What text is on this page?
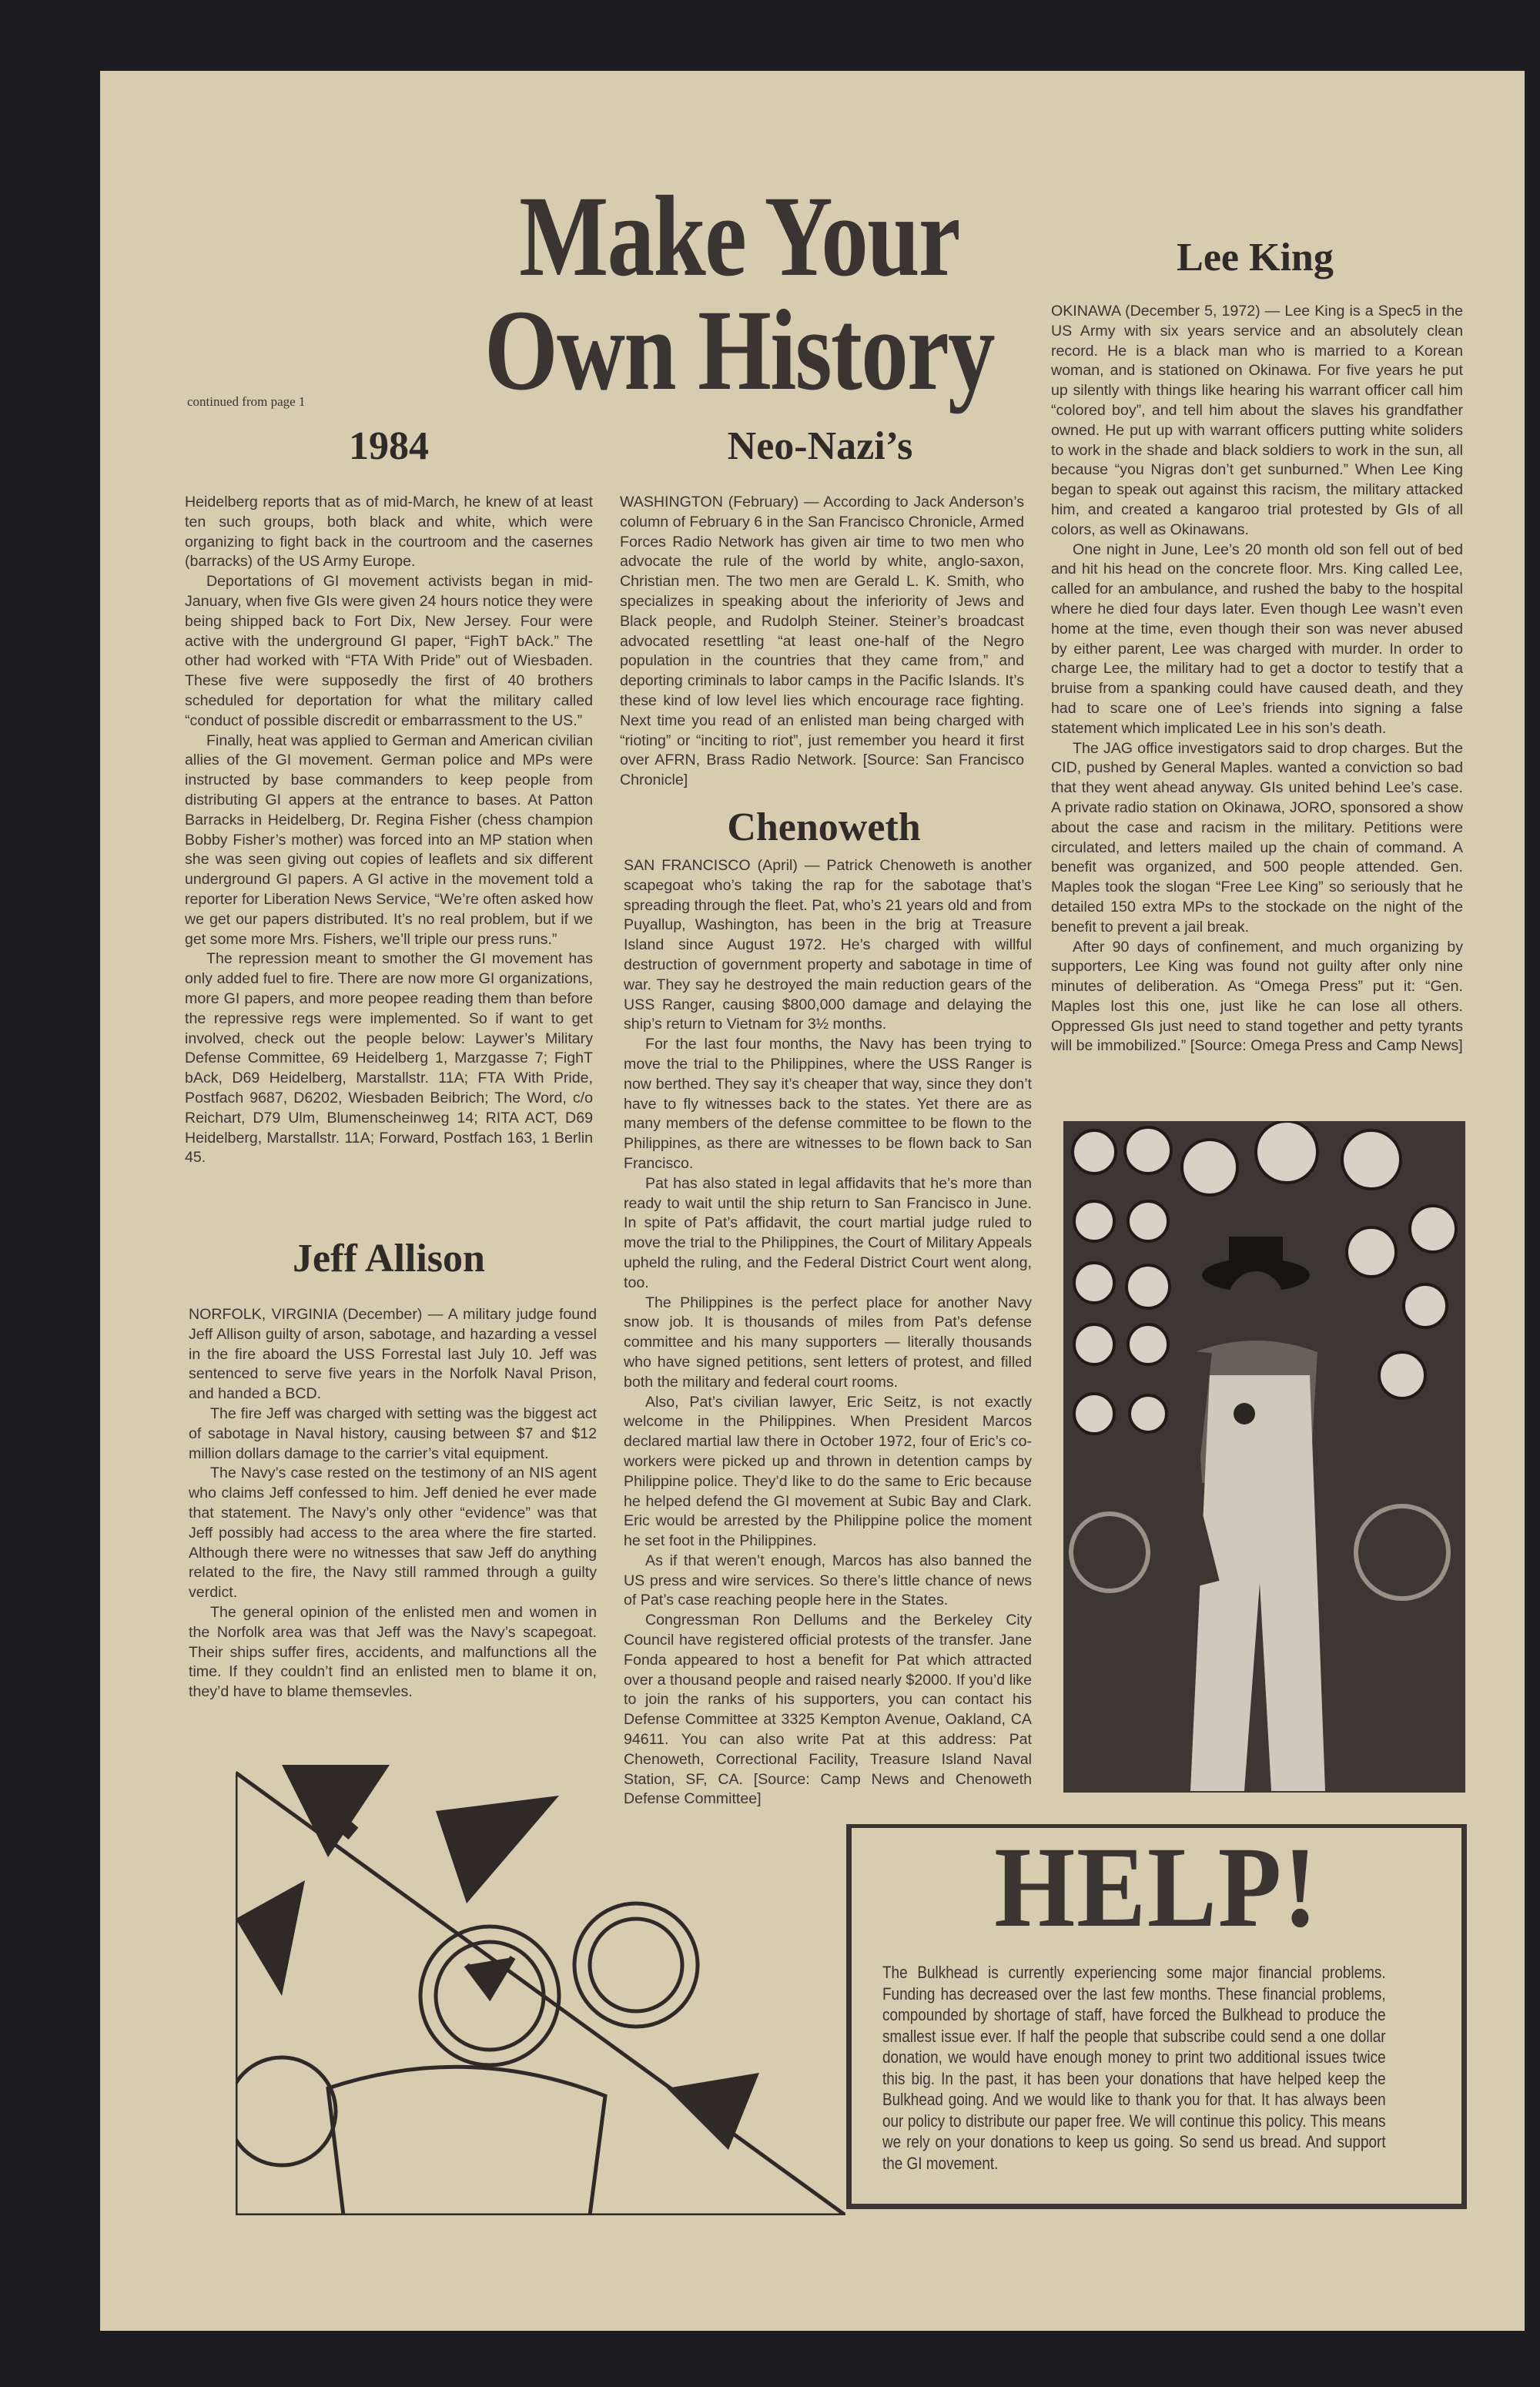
Make Your
Own History
continued from page 1
1984

Heidelberg reports that as of mid-March, he knew of at least ten such groups, both black and white, which were organizing to fight back in the courtroom and the casernes (barracks) of the US Army Europe.

Deportations of GI movement activists began in mid-January, when five GIs were given 24 hours notice they were being shipped back to Fort Dix, New Jersey. Four were active with the underground GI paper, “FighT bAck.” The other had worked with “FTA With Pride” out of Wiesbaden. These five were supposedly the first of 40 brothers scheduled for deportation for what the military called “conduct of possible discredit or embarrassment to the US.”

Finally, heat was applied to German and American civilian allies of the GI movement. German police and MPs were instructed by base commanders to keep people from distributing GI appers at the entrance to bases. At Patton Barracks in Heidelberg, Dr. Regina Fisher (chess champion Bobby Fisher’s mother) was forced into an MP station when she was seen giving out copies of leaflets and six different underground GI papers. A GI active in the movement told a reporter for Liberation News Service, “We’re often asked how we get our papers distributed. It’s no real problem, but if we get some more Mrs. Fishers, we’ll triple our press runs.”

The repression meant to smother the GI movement has only added fuel to fire. There are now more GI organizations, more GI papers, and more peopee reading them than before the repressive regs were implemented. So if want to get involved, check out the people below: Laywer’s Military Defense Committee, 69 Heidelberg 1, Marzgasse 7; FighT bAck, D69 Heidelberg, Marstallstr. 11A; FTA With Pride, Postfach 9687, D6202, Wiesbaden Beibrich; The Word, c/o Reichart, D79 Ulm, Blumenscheinweg 14; RITA ACT, D69 Heidelberg, Marstallstr. 11A; Forward, Postfach 163, 1 Berlin 45.

Jeff Allison

NORFOLK, VIRGINIA (December) — A military judge found Jeff Allison guilty of arson, sabotage, and hazarding a vessel in the fire aboard the USS Forrestal last July 10. Jeff was sentenced to serve five years in the Norfolk Naval Prison, and handed a BCD.

The fire Jeff was charged with setting was the biggest act of sabotage in Naval history, causing between $7 and $12 million dollars damage to the carrier’s vital equipment.

The Navy’s case rested on the testimony of an NIS agent who claims Jeff confessed to him. Jeff denied he ever made that statement. The Navy’s only other “evidence” was that Jeff possibly had access to the area where the fire started. Although there were no witnesses that saw Jeff do anything related to the fire, the Navy still rammed through a guilty verdict.

The general opinion of the enlisted men and women in the Norfolk area was that Jeff was the Navy’s scapegoat. Their ships suffer fires, accidents, and malfunctions all the time. If they couldn’t find an enlisted men to blame it on, they’d have to blame themsevles.

Neo-Nazi’s

WASHINGTON (February) — According to Jack Anderson’s column of February 6 in the San Francisco Chronicle, Armed Forces Radio Network has given air time to two men who advocate the rule of the world by white, anglo-saxon, Christian men. The two men are Gerald L. K. Smith, who specializes in speaking about the inferiority of Jews and Black people, and Rudolph Steiner. Steiner’s broadcast advocated resettling “at least one-half of the Negro population in the countries that they came from,” and deporting criminals to labor camps in the Pacific Islands. It’s these kind of low level lies which encourage race fighting. Next time you read of an enlisted man being charged with “rioting” or “inciting to riot”, just remember you heard it first over AFRN, Brass Radio Network. [Source: San Francisco Chronicle]

Chenoweth

SAN FRANCISCO (April) — Patrick Chenoweth is another scapegoat who’s taking the rap for the sabotage that’s spreading through the fleet. Pat, who’s 21 years old and from Puyallup, Washington, has been in the brig at Treasure Island since August 1972. He’s charged with willful destruction of government property and sabotage in time of war. They say he destroyed the main reduction gears of the USS Ranger, causing $800,000 damage and delaying the ship’s return to Vietnam for 3½ months.

For the last four months, the Navy has been trying to move the trial to the Philippines, where the USS Ranger is now berthed. They say it’s cheaper that way, since they don’t have to fly witnesses back to the states. Yet there are as many members of the defense committee to be flown to the Philippines, as there are witnesses to be flown back to San Francisco.

Pat has also stated in legal affidavits that he’s more than ready to wait until the ship return to San Francisco in June. In spite of Pat’s affidavit, the court martial judge ruled to move the trial to the Philippines, the Court of Military Appeals upheld the ruling, and the Federal District Court went along, too.

The Philippines is the perfect place for another Navy snow job. It is thousands of miles from Pat’s defense committee and his many supporters — literally thousands who have signed petitions, sent letters of protest, and filled both the military and federal court rooms.

Also, Pat’s civilian lawyer, Eric Seitz, is not exactly welcome in the Philippines. When President Marcos declared martial law there in October 1972, four of Eric’s co-workers were picked up and thrown in detention camps by Philippine police. They’d like to do the same to Eric because he helped defend the GI movement at Subic Bay and Clark. Eric would be arrested by the Philippine police the moment he set foot in the Philippines.

As if that weren’t enough, Marcos has also banned the US press and wire services. So there’s little chance of news of Pat’s case reaching people here in the States.

Congressman Ron Dellums and the Berkeley City Council have registered official protests of the transfer. Jane Fonda appeared to host a benefit for Pat which attracted over a thousand people and raised nearly $2000. If you’d like to join the ranks of his supporters, you can contact his Defense Committee at 3325 Kempton Avenue, Oakland, CA 94611. You can also write Pat at this address: Pat Chenoweth, Correctional Facility, Treasure Island Naval Station, SF, CA. [Source: Camp News and Chenoweth Defense Committee]

Lee King

OKINAWA (December 5, 1972) — Lee King is a Spec5 in the US Army with six years service and an absolutely clean record. He is a black man who is married to a Korean woman, and is stationed on Okinawa. For five years he put up silently with things like hearing his warrant officer call him “colored boy”, and tell him about the slaves his grandfather owned. He put up with warrant officers putting white soliders to work in the shade and black soldiers to work in the sun, all because “you Nigras don’t get sunburned.” When Lee King began to speak out against this racism, the military attacked him, and created a kangaroo trial protested by GIs of all colors, as well as Okinawans.

One night in June, Lee’s 20 month old son fell out of bed and hit his head on the concrete floor. Mrs. King called Lee, called for an ambulance, and rushed the baby to the hospital where he died four days later. Even though Lee wasn’t even home at the time, even though their son was never abused by either parent, Lee was charged with murder. In order to charge Lee, the military had to get a doctor to testify that a bruise from a spanking could have caused death, and they had to scare one of Lee’s friends into signing a false statement which implicated Lee in his son’s death.

The JAG office investigators said to drop charges. But the CID, pushed by General Maples. wanted a conviction so bad that they went ahead anyway. GIs united behind Lee’s case. A private radio station on Okinawa, JORO, sponsored a show about the case and racism in the military. Petitions were circulated, and letters mailed up the chain of command. A benefit was organized, and 500 people attended. Gen. Maples took the slogan “Free Lee King” so seriously that he detailed 150 extra MPs to the stockade on the night of the benefit to prevent a jail break.

After 90 days of confinement, and much organizing by supporters, Lee King was found not guilty after only nine minutes of deliberation. As “Omega Press” put it: “Gen. Maples lost this one, just like he can lose all others. Oppressed GIs just need to stand together and petty tyrants will be immobilized.” [Source: Omega Press and Camp News]

HELP!
The Bulkhead is currently experiencing some major financial problems. Funding has decreased over the last few months. These financial problems, compounded by shortage of staff, have forced the Bulkhead to produce the smallest issue ever. If half the people that subscribe could send a one dollar donation, we would have enough money to print two additional issues twice this big. In the past, it has been your donations that have helped keep the Bulkhead going. And we would like to thank you for that. It has always been our policy to distribute our paper free. We will continue this policy. This means we rely on your donations to keep us going. So send us bread. And support the GI movement.
